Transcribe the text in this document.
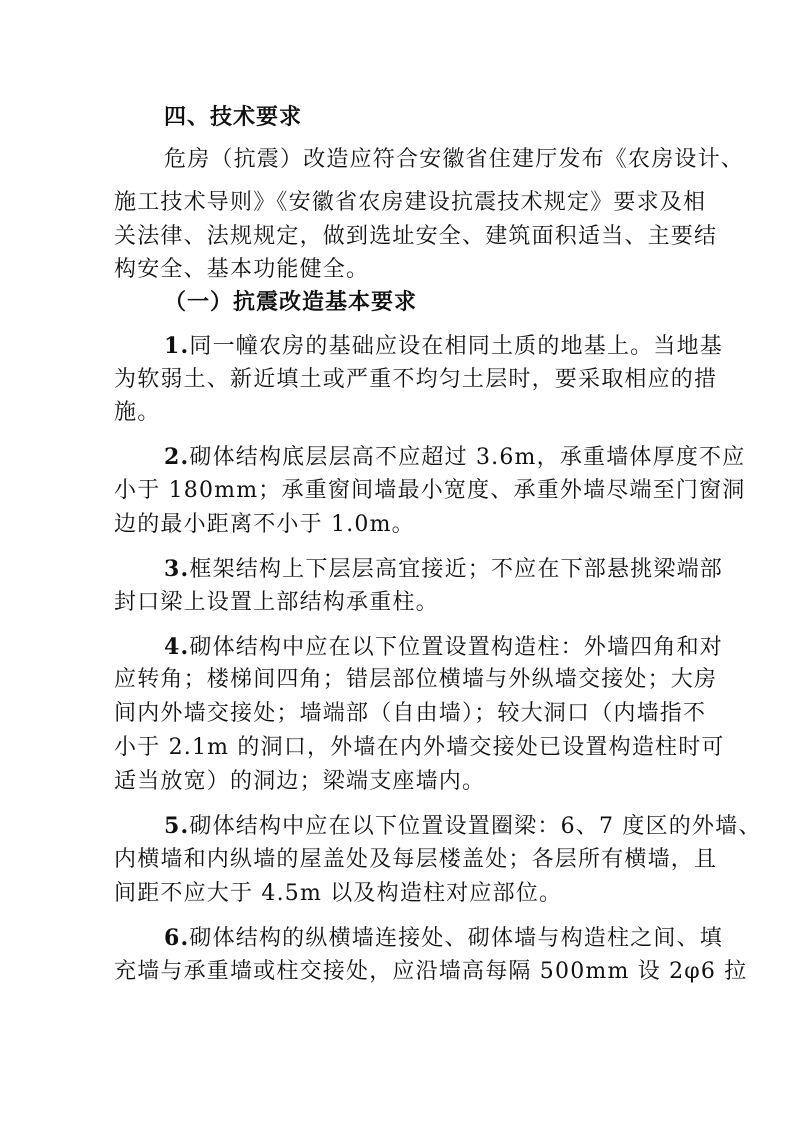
四、技术要求
危房（抗震）改造应符合安徽省住建厅发布《农房设计、
施工技术导则》《安徽省农房建设抗震技术规定》要求及相
关法律、法规规定，做到选址安全、建筑面积适当、主要结
构安全、基本功能健全。
（一）抗震改造基本要求
1.同一幢农房的基础应设在相同土质的地基上。当地基
为软弱土、新近填土或严重不均匀土层时，要采取相应的措
施。
2.砌体结构底层层高不应超过 3.6m，承重墙体厚度不应
小于 180mm；承重窗间墙最小宽度、承重外墙尽端至门窗洞
边的最小距离不小于 1.0m。
3.框架结构上下层层高宜接近；不应在下部悬挑梁端部
封口梁上设置上部结构承重柱。
4.砌体结构中应在以下位置设置构造柱：外墙四角和对
应转角；楼梯间四角；错层部位横墙与外纵墙交接处；大房
间内外墙交接处；墙端部（自由墙）；较大洞口（内墙指不
小于 2.1m 的洞口，外墙在内外墙交接处已设置构造柱时可
适当放宽）的洞边；梁端支座墙内。
5.砌体结构中应在以下位置设置圈梁：6、7 度区的外墙、
内横墙和内纵墙的屋盖处及每层楼盖处；各层所有横墙，且
间距不应大于 4.5m 以及构造柱对应部位。
6.砌体结构的纵横墙连接处、砌体墙与构造柱之间、填
充墙与承重墙或柱交接处，应沿墙高每隔 500mm 设 2φ6 拉
